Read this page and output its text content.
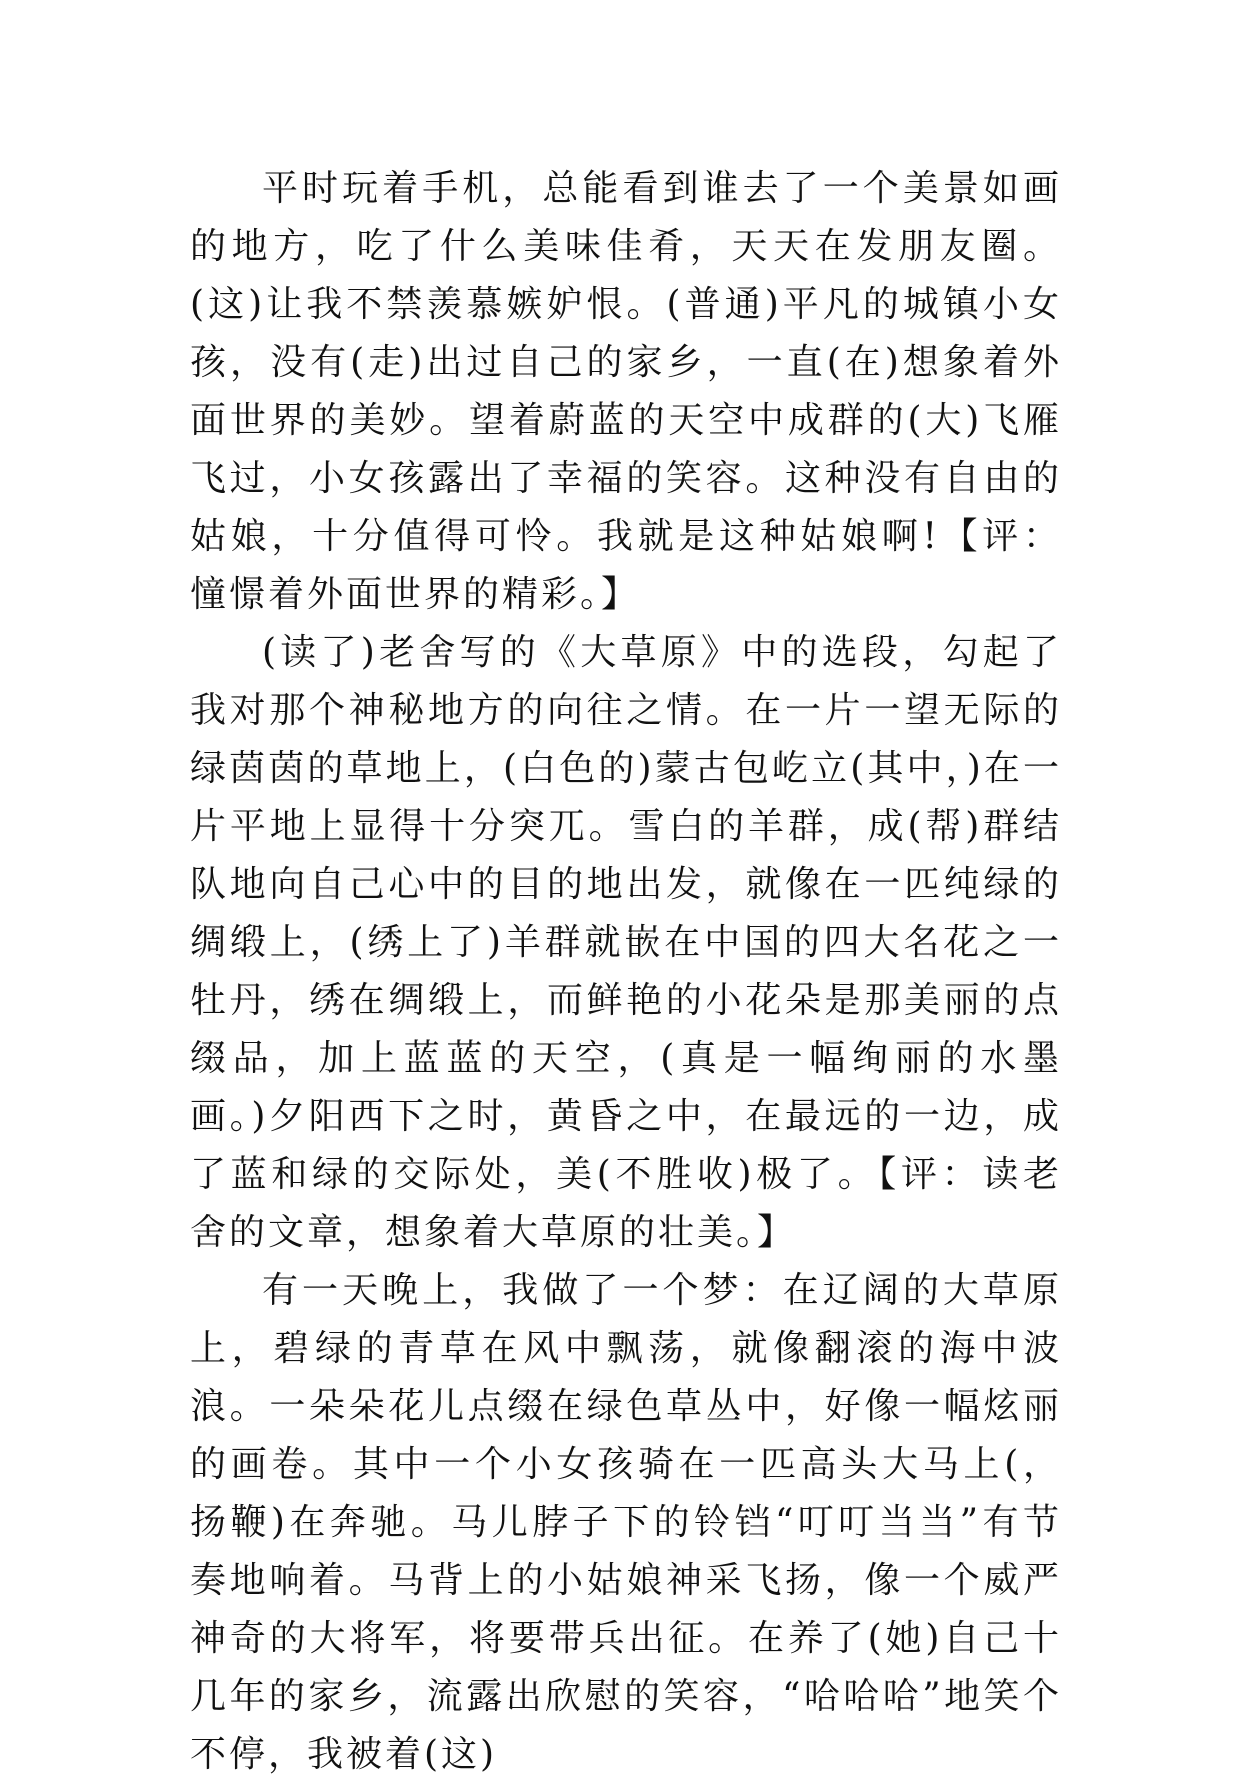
平时玩着手机，总能看到谁去了一个美景如画的地方，吃了什么美味佳肴，天天在发朋友圈。(这)让我不禁羡慕嫉妒恨。(普通)平凡的城镇小女孩，没有(走)出过自己的家乡，一直(在)想象着外面世界的美妙。望着蔚蓝的天空中成群的(大)飞雁飞过，小女孩露出了幸福的笑容。这种没有自由的姑娘，十分值得可怜。我就是这种姑娘啊!【评：憧憬着外面世界的精彩。】

(读了)老舍写的《大草原》中的选段，勾起了我对那个神秘地方的向往之情。在一片一望无际的绿茵茵的草地上，(白色的)蒙古包屹立(其中，)在一片平地上显得十分突兀。雪白的羊群，成(帮)群结队地向自己心中的目的地出发，就像在一匹纯绿的绸缎上，(绣上了)羊群就嵌在中国的四大名花之一牡丹，绣在绸缎上，而鲜艳的小花朵是那美丽的点缀品，加上蓝蓝的天空，(真是一幅绚丽的水墨画。)夕阳西下之时，黄昏之中，在最远的一边，成了蓝和绿的交际处，美(不胜收)极了。【评：读老舍的文章，想象着大草原的壮美。】

有一天晚上，我做了一个梦：在辽阔的大草原上，碧绿的青草在风中飘荡，就像翻滚的海中波浪。一朵朵花儿点缀在绿色草丛中，好像一幅炫丽的画卷。其中一个小女孩骑在一匹高头大马上(，扬鞭)在奔驰。马儿脖子下的铃铛“叮叮当当”有节奏地响着。马背上的小姑娘神采飞扬，像一个威严神奇的大将军，将要带兵出征。在养了(她)自己十几年的家乡，流露出欣慰的笑容，“哈哈哈”地笑个不停，我被着(这)
